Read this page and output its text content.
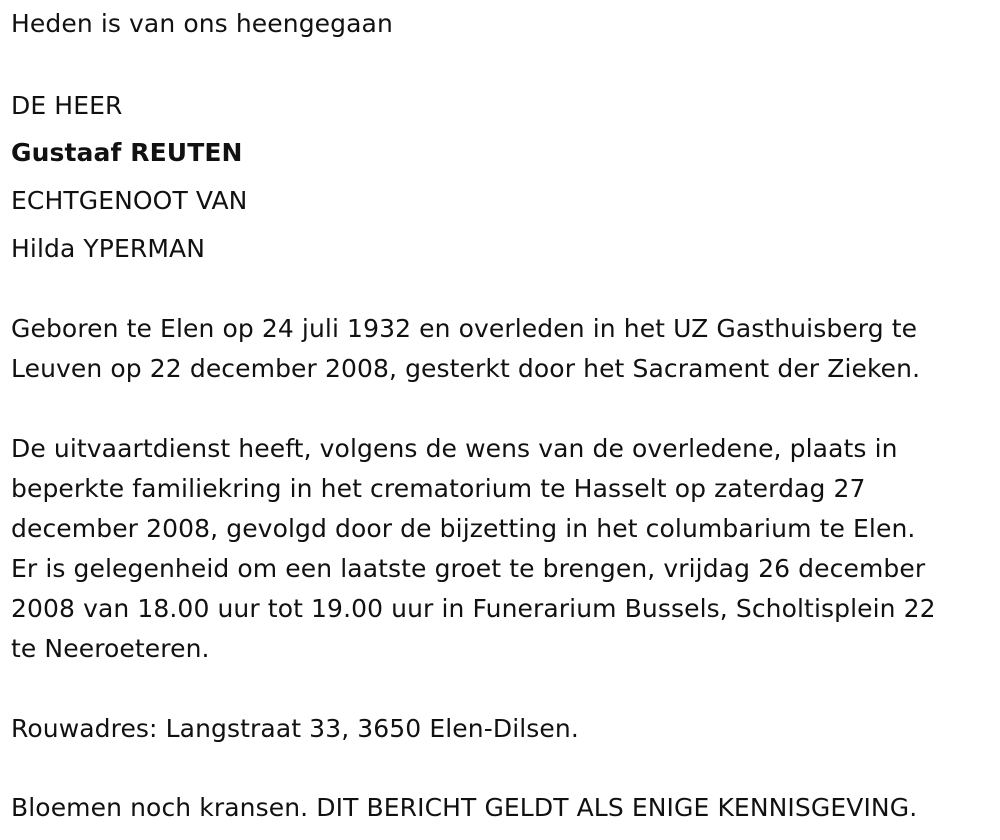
Heden is van ons heengegaan
DE HEER
Gustaaf REUTEN
ECHTGENOOT VAN
Hilda YPERMAN
Geboren te Elen op 24 juli 1932 en overleden in het UZ Gasthuisberg te
Leuven op 22 december 2008, gesterkt door het Sacrament der Zieken.
De uitvaartdienst heeft, volgens de wens van de overledene, plaats in
beperkte familiekring in het crematorium te Hasselt op zaterdag 27
december 2008, gevolgd door de bijzetting in het columbarium te Elen.
Er is gelegenheid om een laatste groet te brengen, vrijdag 26 december
2008 van 18.00 uur tot 19.00 uur in Funerarium Bussels, Scholtisplein 22
te Neeroeteren.
Rouwadres: Langstraat 33, 3650 Elen-Dilsen.
Bloemen noch kransen. DIT BERICHT GELDT ALS ENIGE KENNISGEVING.
